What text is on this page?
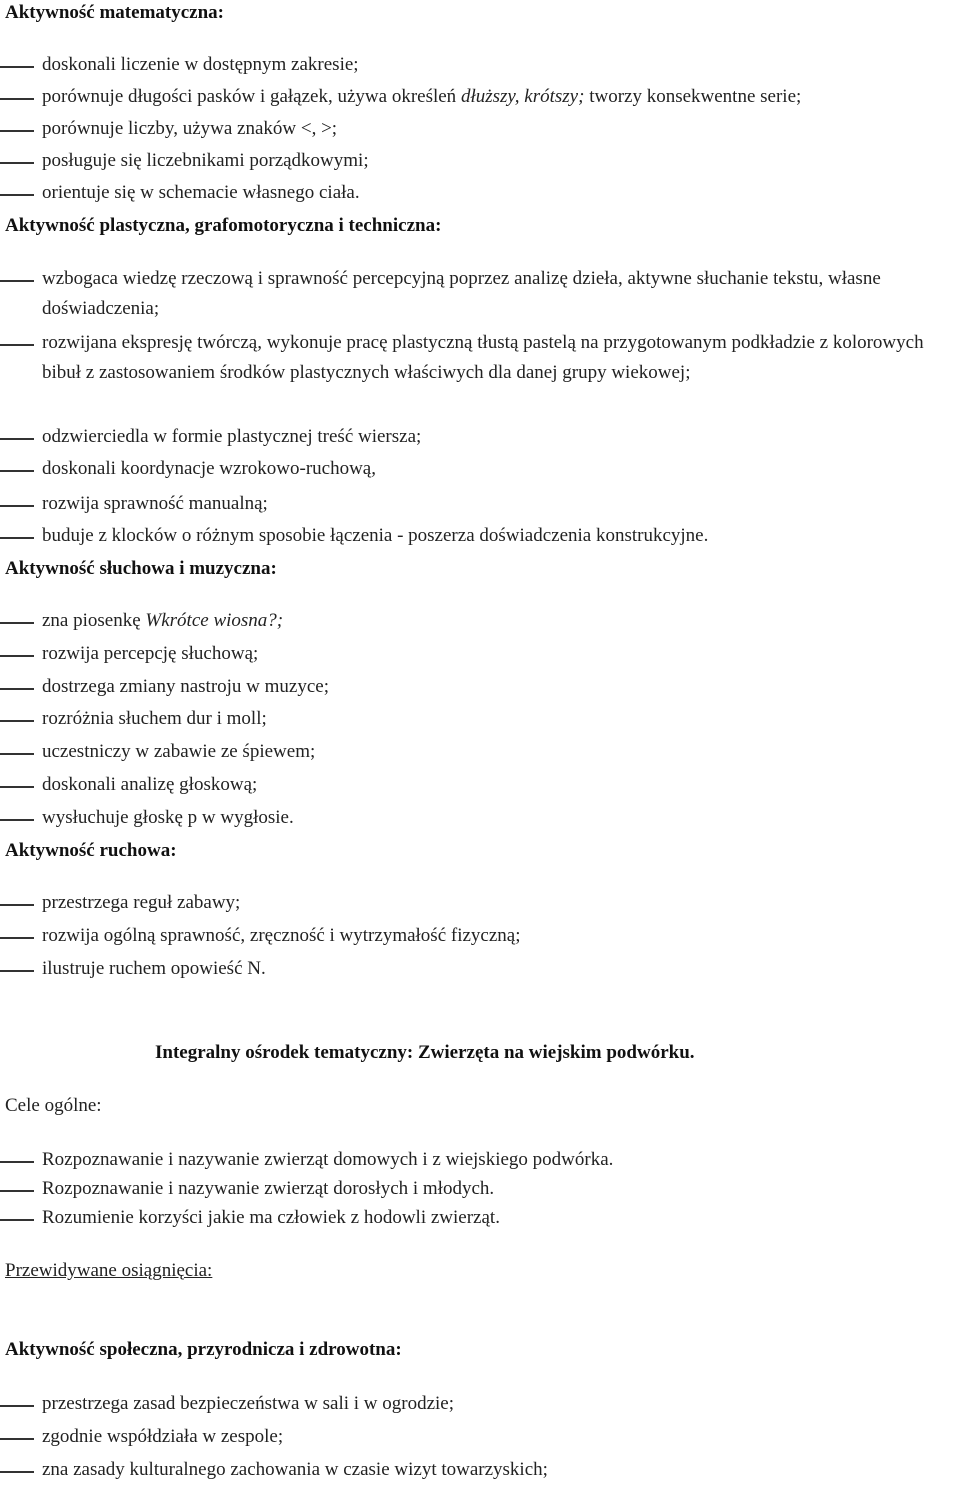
Aktywność matematyczna:
doskonali liczenie w dostępnym zakresie;
porównuje długości pasków i gałązek, używa określeń dłuższy, krótszy; tworzy konsekwentne serie;
porównuje liczby, używa znaków <, >;
posługuje się liczebnikami porządkowymi;
orientuje się w schemacie własnego ciała.
Aktywność plastyczna, grafomotoryczna i techniczna:
wzbogaca wiedzę rzeczową i sprawność percepcyjną poprzez analizę dzieła, aktywne słuchanie tekstu, własne doświadczenia;
rozwijana ekspresję twórczą, wykonuje pracę plastyczną tłustą pastelą na przygotowanym podkładzie z kolorowych bibuł z zastosowaniem środków plastycznych właściwych dla danej grupy wiekowej;
odzwierciedla w formie plastycznej treść wiersza;
doskonali koordynacje wzrokowo-ruchową,
rozwija sprawność manualną;
buduje z klocków o różnym sposobie łączenia - poszerza doświadczenia konstrukcyjne.
Aktywność słuchowa i muzyczna:
zna piosenkę Wkrótce wiosna?;
rozwija percepcję słuchową;
dostrzega zmiany nastroju w muzyce;
rozróżnia słuchem dur i moll;
uczestniczy w zabawie ze śpiewem;
doskonali analizę głoskową;
wysłuchuje głoskę p w wygłosie.
Aktywność ruchowa:
przestrzega reguł zabawy;
rozwija ogólną sprawność, zręczność i wytrzymałość fizyczną;
ilustruje ruchem opowieść N.
Integralny ośrodek tematyczny: Zwierzęta na wiejskim podwórku.
Cele ogólne:
Rozpoznawanie i nazywanie zwierząt domowych i z wiejskiego podwórka.
Rozpoznawanie i nazywanie zwierząt dorosłych i młodych.
Rozumienie korzyści jakie ma człowiek z hodowli zwierząt.
Przewidywane osiągnięcia:
Aktywność społeczna, przyrodnicza i zdrowotna:
przestrzega zasad bezpieczeństwa w sali i w ogrodzie;
zgodnie współdziała w zespole;
zna zasady kulturalnego zachowania w czasie wizyt towarzyskich;
